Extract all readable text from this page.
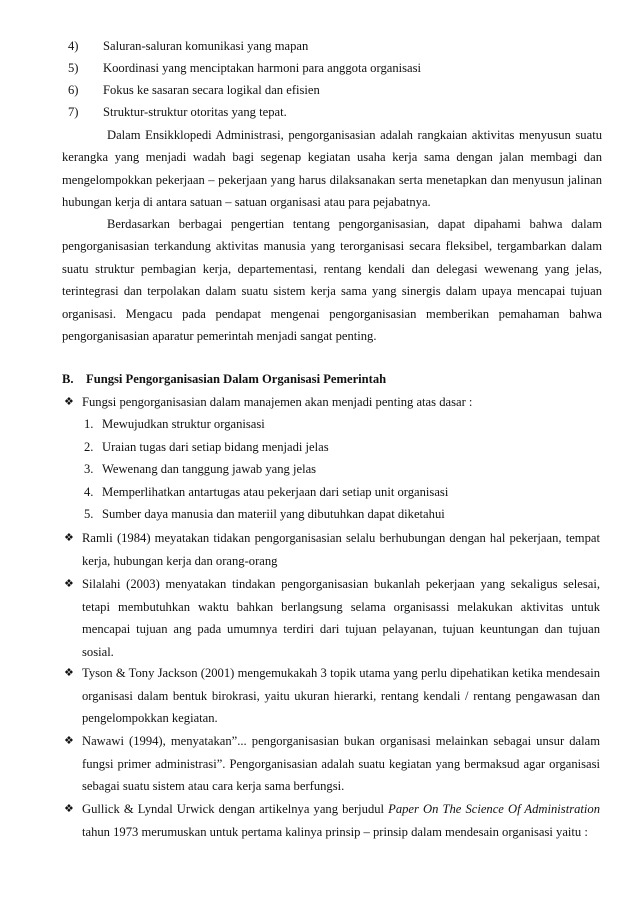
4)	Saluran-saluran komunikasi yang mapan
5)	Koordinasi yang menciptakan harmoni para anggota organisasi
6)	Fokus ke sasaran secara logikal dan efisien
7)	Struktur-struktur otoritas yang tepat.
Dalam Ensikklopedi Administrasi, pengorganisasian adalah rangkaian aktivitas menyusun suatu kerangka yang menjadi wadah bagi segenap kegiatan usaha kerja sama dengan jalan membagi dan mengelompokkan pekerjaan – pekerjaan yang harus dilaksanakan serta menetapkan dan menyusun jalinan hubungan kerja di antara satuan – satuan organisasi atau para pejabatnya.
Berdasarkan berbagai pengertian tentang pengorganisasian, dapat dipahami bahwa dalam pengorganisasian terkandung aktivitas manusia yang terorganisasi secara fleksibel, tergambarkan dalam suatu struktur pembagian kerja, departementasi, rentang kendali dan delegasi wewenang yang jelas, terintegrasi dan terpolakan dalam suatu sistem kerja sama yang sinergis dalam upaya mencapai tujuan organisasi. Mengacu pada pendapat mengenai pengorganisasian memberikan pemahaman bahwa pengorganisasian aparatur pemerintah menjadi sangat penting.
B. Fungsi Pengorganisasian Dalam Organisasi Pemerintah
❖ Fungsi pengorganisasian dalam manajemen akan menjadi penting atas dasar :
1. Mewujudkan struktur organisasi
2. Uraian tugas dari setiap bidang menjadi jelas
3. Wewenang dan tanggung jawab yang jelas
4. Memperlihatkan antartugas atau pekerjaan dari setiap unit organisasi
5. Sumber daya manusia dan materiil yang dibutuhkan dapat diketahui
❖ Ramli (1984) meyatakan tidakan pengorganisasian selalu berhubungan dengan hal pekerjaan, tempat kerja, hubungan kerja dan orang-orang
❖ Silalahi (2003) menyatakan tindakan pengorganisasian bukanlah pekerjaan yang sekaligus selesai, tetapi membutuhkan waktu bahkan berlangsung selama organisassi melakukan aktivitas untuk mencapai tujuan ang pada umumnya terdiri dari tujuan pelayanan, tujuan keuntungan dan tujuan sosial.
❖ Tyson & Tony Jackson (2001) mengemukakah 3 topik utama yang perlu dipehatikan ketika mendesain organisasi dalam bentuk birokrasi, yaitu ukuran hierarki, rentang kendali / rentang pengawasan dan pengelompokkan kegiatan.
❖ Nawawi (1994), menyatakan”... pengorganisasian bukan organisasi melainkan sebagai unsur dalam fungsi primer administrasi”. Pengorganisasian adalah suatu kegiatan yang bermaksud agar organisasi sebagai suatu sistem atau cara kerja sama berfungsi.
❖ Gullick & Lyndal Urwick dengan artikelnya yang berjudul Paper On The Science Of Administration tahun 1973 merumuskan untuk pertama kalinya prinsip – prinsip dalam mendesain organisasi yaitu :
